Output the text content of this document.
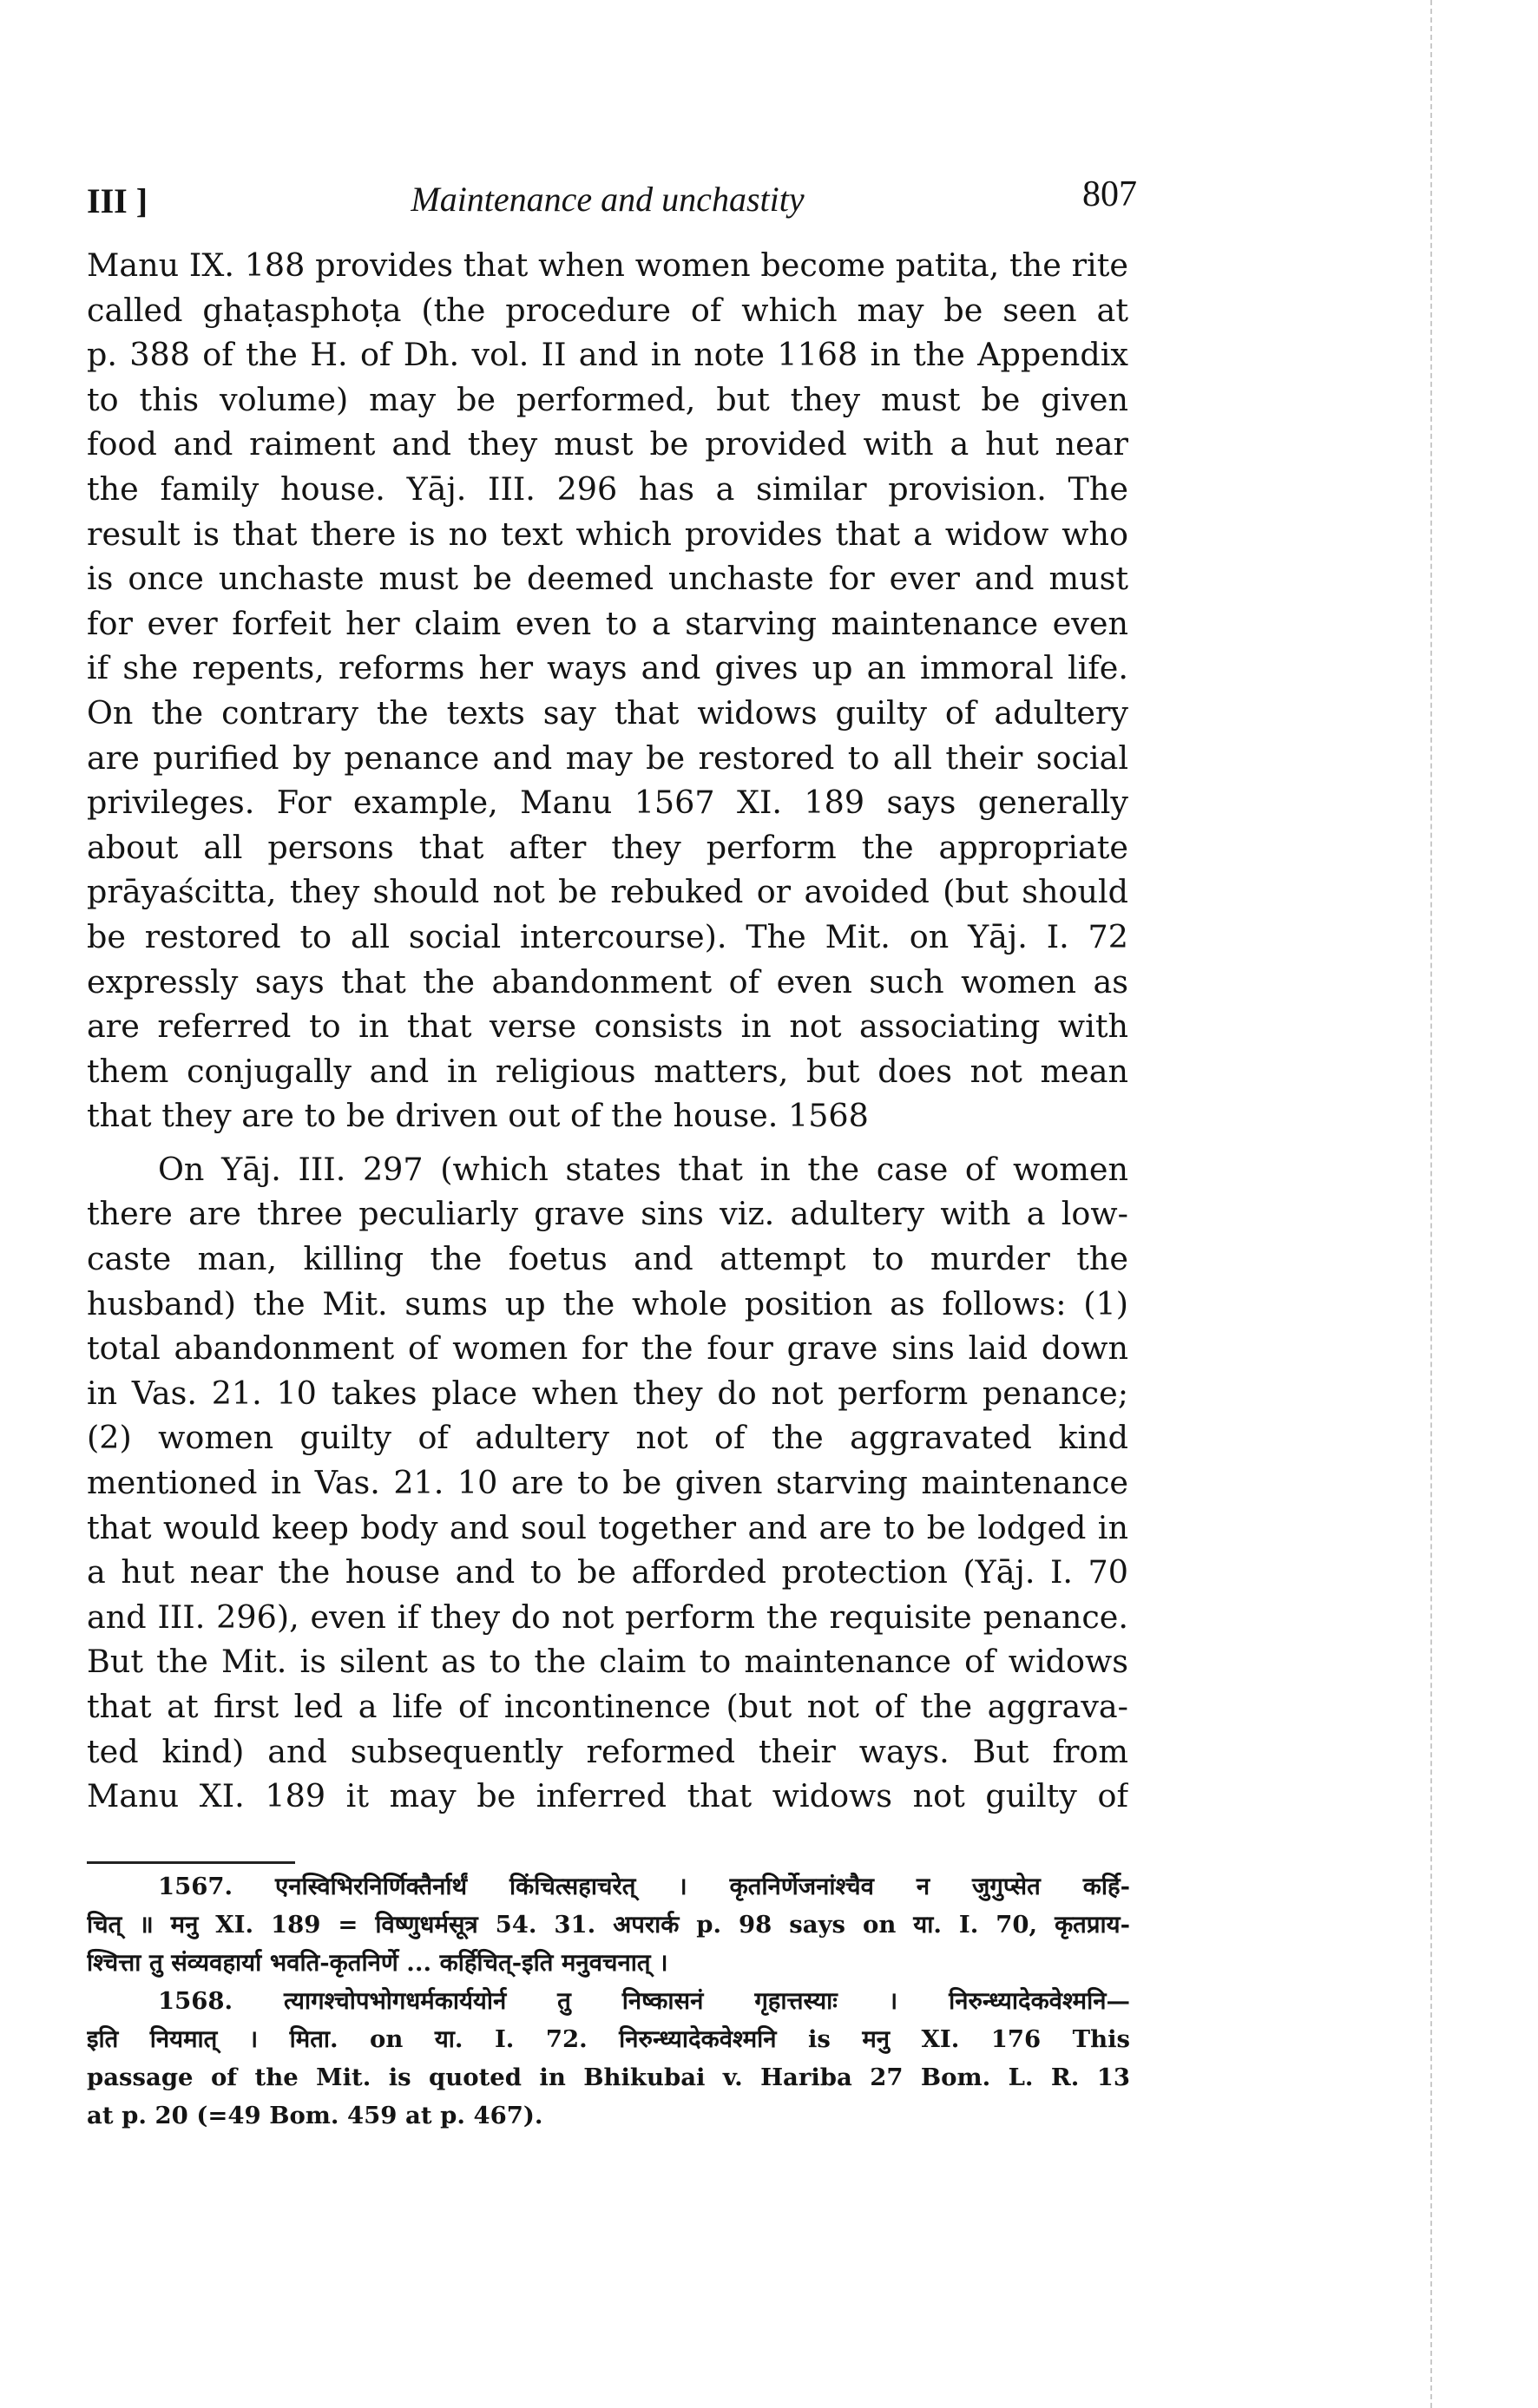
III ]	Maintenance and unchastity	807
Manu IX. 188 provides that when women become patita, the rite
called ghaṭasphoṭa (the procedure of which may be seen at
p. 388 of the H. of Dh. vol. II and in note 1168 in the Appendix
to this volume) may be performed, but they must be given
food and raiment and they must be provided with a hut near
the family house. Yāj. III. 296 has a similar provision. The
result is that there is no text which provides that a widow who
is once unchaste must be deemed unchaste for ever and must
for ever forfeit her claim even to a starving maintenance even
if she repents, reforms her ways and gives up an immoral life.
On the contrary the texts say that widows guilty of adultery
are purified by penance and may be restored to all their social
privileges. For example, Manu 1567 XI. 189 says generally
about all persons that after they perform the appropriate
prāyaścitta, they should not be rebuked or avoided (but should
be restored to all social intercourse). The Mit. on Yāj. I. 72
expressly says that the abandonment of even such women as
are referred to in that verse consists in not associating with
them conjugally and in religious matters, but does not mean
that they are to be driven out of the house. 1568
On Yāj. III. 297 (which states that in the case of women
there are three peculiarly grave sins viz. adultery with a low-
caste man, killing the foetus and attempt to murder the
husband) the Mit. sums up the whole position as follows: (1)
total abandonment of women for the four grave sins laid down
in Vas. 21. 10 takes place when they do not perform penance;
(2) women guilty of adultery not of the aggravated kind
mentioned in Vas. 21. 10 are to be given starving maintenance
that would keep body and soul together and are to be lodged in
a hut near the house and to be afforded protection (Yāj. I. 70
and III. 296), even if they do not perform the requisite penance.
But the Mit. is silent as to the claim to maintenance of widows
that at first led a life of incontinence (but not of the aggrava-
ted kind) and subsequently reformed their ways. But from
Manu XI. 189 it may be inferred that widows not guilty of
1567. एनस्विभिरनिर्णिक्तैर्नार्थं किंचित्सहाचरेत् । कृतनिर्णेजनांश्चैव न जुगुप्सेत कर्हि-
चित् ॥ मनु XI. 189 = विष्णुधर्मसूत्र 54. 31. अपरार्क p. 98 says on या. I. 70, कृतप्राय-
श्चित्ता तु संव्यवहार्या भवति-कृतनिर्णे ... कर्हिचित्-इति मनुवचनात् ।
1568. त्यागश्चोपभोगधर्मकार्ययोर्न तु निष्कासनं गृहात्तस्याः । निरुन्ध्यादेकवेश्मनि—
इति नियमात् । मिता. on या. I. 72. निरुन्ध्यादेकवेश्मनि is मनु XI. 176 This
passage of the Mit. is quoted in Bhikubai v. Hariba 27 Bom. L. R. 13
at p. 20 (=49 Bom. 459 at p. 467).
